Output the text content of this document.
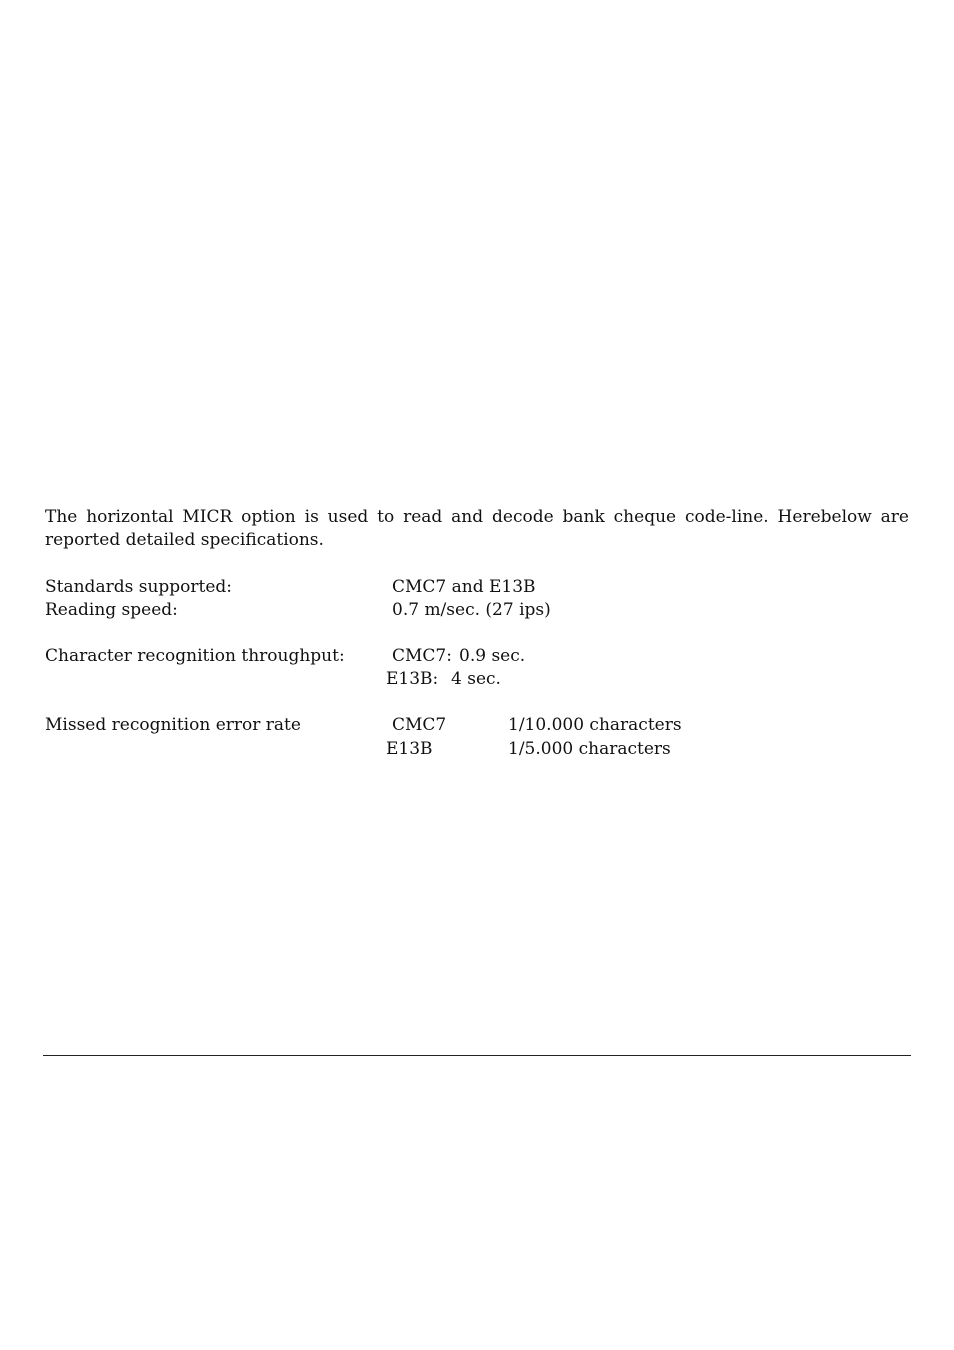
The horizontal MICR option is used to read and decode bank cheque code-line. Herebelow are reported detailed specifications.

Standards supported:	CMC7 and E13B
Reading speed:	0.7 m/sec. (27 ips)
Character recognition throughput:	CMC7: 0.9 sec.
E13B: 4 sec.
Missed recognition error rate	CMC7	1/10.000 characters
E13B	1/5.000 characters
